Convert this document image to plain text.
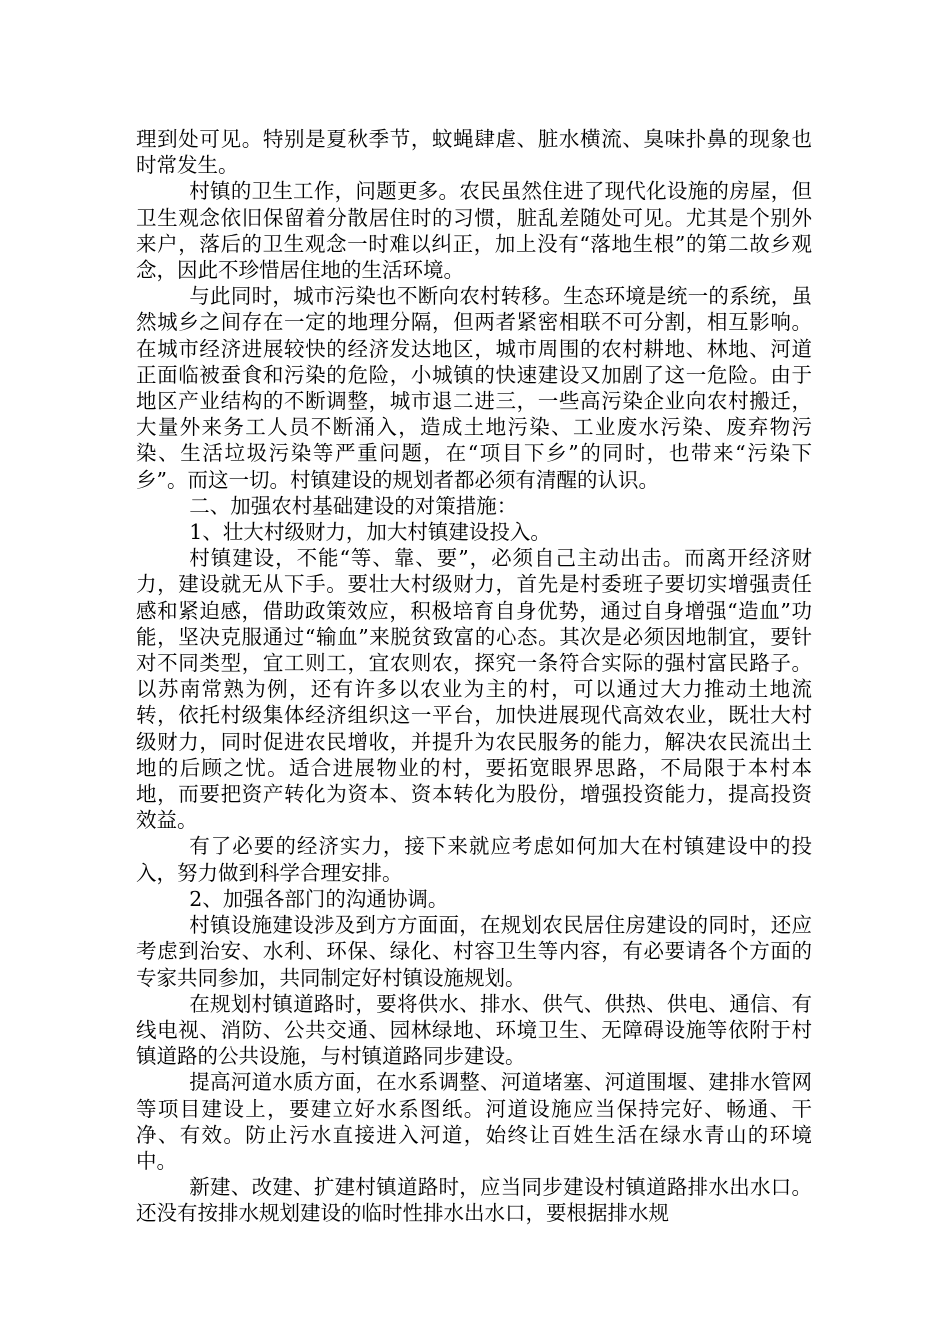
理到处可见。特别是夏秋季节，蚊蝇肆虐、脏水横流、臭味扑鼻的现象也时常发生。

村镇的卫生工作，问题更多。农民虽然住进了现代化设施的房屋，但卫生观念依旧保留着分散居住时的习惯，脏乱差随处可见。尤其是个别外来户，落后的卫生观念一时难以纠正，加上没有“落地生根”的第二故乡观念，因此不珍惜居住地的生活环境。

与此同时，城市污染也不断向农村转移。生态环境是统一的系统，虽然城乡之间存在一定的地理分隔，但两者紧密相联不可分割，相互影响。在城市经济进展较快的经济发达地区，城市周围的农村耕地、林地、河道正面临被蚕食和污染的危险，小城镇的快速建设又加剧了这一危险。由于地区产业结构的不断调整，城市退二进三，一些高污染企业向农村搬迁，大量外来务工人员不断涌入，造成土地污染、工业废水污染、废弃物污染、生活垃圾污染等严重问题，在“项目下乡”的同时，也带来“污染下乡”。而这一切。村镇建设的规划者都必须有清醒的认识。

二、加强农村基础建设的对策措施：

1、壮大村级财力，加大村镇建设投入。

村镇建设，不能“等、靠、要”，必须自己主动出击。而离开经济财力，建设就无从下手。要壮大村级财力，首先是村委班子要切实增强责任感和紧迫感，借助政策效应，积极培育自身优势，通过自身增强“造血”功能，坚决克服通过“输血”来脱贫致富的心态。其次是必须因地制宜，要针对不同类型，宜工则工，宜农则农，探究一条符合实际的强村富民路子。以苏南常熟为例，还有许多以农业为主的村，可以通过大力推动土地流转，依托村级集体经济组织这一平台，加快进展现代高效农业，既壮大村级财力，同时促进农民增收，并提升为农民服务的能力，解决农民流出土地的后顾之忧。适合进展物业的村，要拓宽眼界思路，不局限于本村本地，而要把资产转化为资本、资本转化为股份，增强投资能力，提高投资效益。

有了必要的经济实力，接下来就应考虑如何加大在村镇建设中的投入，努力做到科学合理安排。

2、加强各部门的沟通协调。

村镇设施建设涉及到方方面面，在规划农民居住房建设的同时，还应考虑到治安、水利、环保、绿化、村容卫生等内容，有必要请各个方面的专家共同参加，共同制定好村镇设施规划。

在规划村镇道路时，要将供水、排水、供气、供热、供电、通信、有线电视、消防、公共交通、园林绿地、环境卫生、无障碍设施等依附于村镇道路的公共设施，与村镇道路同步建设。

提高河道水质方面，在水系调整、河道堵塞、河道围堰、建排水管网等项目建设上，要建立好水系图纸。河道设施应当保持完好、畅通、干净、有效。防止污水直接进入河道，始终让百姓生活在绿水青山的环境中。

新建、改建、扩建村镇道路时，应当同步建设村镇道路排水出水口。还没有按排水规划建设的临时性排水出水口，要根据排水规
